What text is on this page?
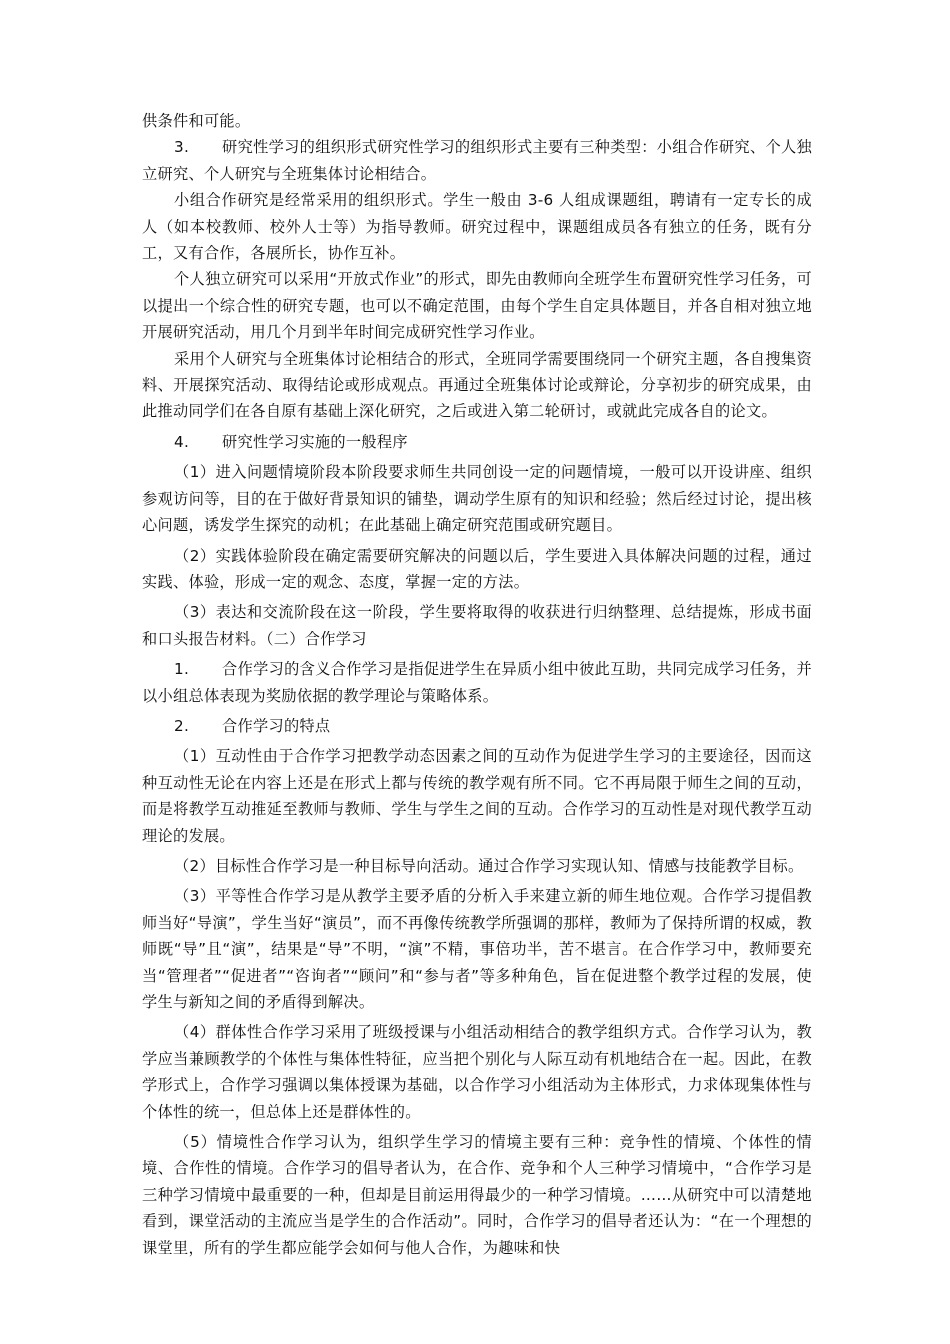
供条件和可能。

3. 研究性学习的组织形式研究性学习的组织形式主要有三种类型：小组合作研究、个人独立研究、个人研究与全班集体讨论相结合。

小组合作研究是经常采用的组织形式。学生一般由 3-6 人组成课题组，聘请有一定专长的成人（如本校教师、校外人士等）为指导教师。研究过程中，课题组成员各有独立的任务，既有分工，又有合作，各展所长，协作互补。

个人独立研究可以采用“开放式作业”的形式，即先由教师向全班学生布置研究性学习任务，可以提出一个综合性的研究专题，也可以不确定范围，由每个学生自定具体题目，并各自相对独立地开展研究活动，用几个月到半年时间完成研究性学习作业。

采用个人研究与全班集体讨论相结合的形式，全班同学需要围绕同一个研究主题，各自搜集资料、开展探究活动、取得结论或形成观点。再通过全班集体讨论或辩论，分享初步的研究成果，由此推动同学们在各自原有基础上深化研究，之后或进入第二轮研讨，或就此完成各自的论文。

4. 研究性学习实施的一般程序

（1）进入问题情境阶段本阶段要求师生共同创设一定的问题情境，一般可以开设讲座、组织参观访问等，目的在于做好背景知识的铺垫，调动学生原有的知识和经验；然后经过讨论，提出核心问题，诱发学生探究的动机；在此基础上确定研究范围或研究题目。

（2）实践体验阶段在确定需要研究解决的问题以后，学生要进入具体解决问题的过程，通过实践、体验，形成一定的观念、态度，掌握一定的方法。

（3）表达和交流阶段在这一阶段，学生要将取得的收获进行归纳整理、总结提炼，形成书面和口头报告材料。（二）合作学习

1. 合作学习的含义合作学习是指促进学生在异质小组中彼此互助，共同完成学习任务，并以小组总体表现为奖励依据的教学理论与策略体系。

2. 合作学习的特点

（1）互动性由于合作学习把教学动态因素之间的互动作为促进学生学习的主要途径，因而这种互动性无论在内容上还是在形式上都与传统的教学观有所不同。它不再局限于师生之间的互动，而是将教学互动推延至教师与教师、学生与学生之间的互动。合作学习的互动性是对现代教学互动理论的发展。

（2）目标性合作学习是一种目标导向活动。通过合作学习实现认知、情感与技能教学目标。

（3）平等性合作学习是从教学主要矛盾的分析入手来建立新的师生地位观。合作学习提倡教师当好“导演”，学生当好“演员”，而不再像传统教学所强调的那样，教师为了保持所谓的权威，教师既“导”且“演”，结果是“导”不明，“演”不精，事倍功半，苦不堪言。在合作学习中，教师要充当“管理者”“促进者”“咨询者”“顾问”和“参与者”等多种角色，旨在促进整个教学过程的发展，使学生与新知之间的矛盾得到解决。

（4）群体性合作学习采用了班级授课与小组活动相结合的教学组织方式。合作学习认为，教学应当兼顾教学的个体性与集体性特征，应当把个别化与人际互动有机地结合在一起。因此，在教学形式上，合作学习强调以集体授课为基础，以合作学习小组活动为主体形式，力求体现集体性与个体性的统一，但总体上还是群体性的。

（5）情境性合作学习认为，组织学生学习的情境主要有三种：竞争性的情境、个体性的情境、合作性的情境。合作学习的倡导者认为，在合作、竞争和个人三种学习情境中，“合作学习是三种学习情境中最重要的一种，但却是目前运用得最少的一种学习情境。……从研究中可以清楚地看到，课堂活动的主流应当是学生的合作活动”。同时，合作学习的倡导者还认为：“在一个理想的课堂里，所有的学生都应能学会如何与他人合作，为趣味和快
